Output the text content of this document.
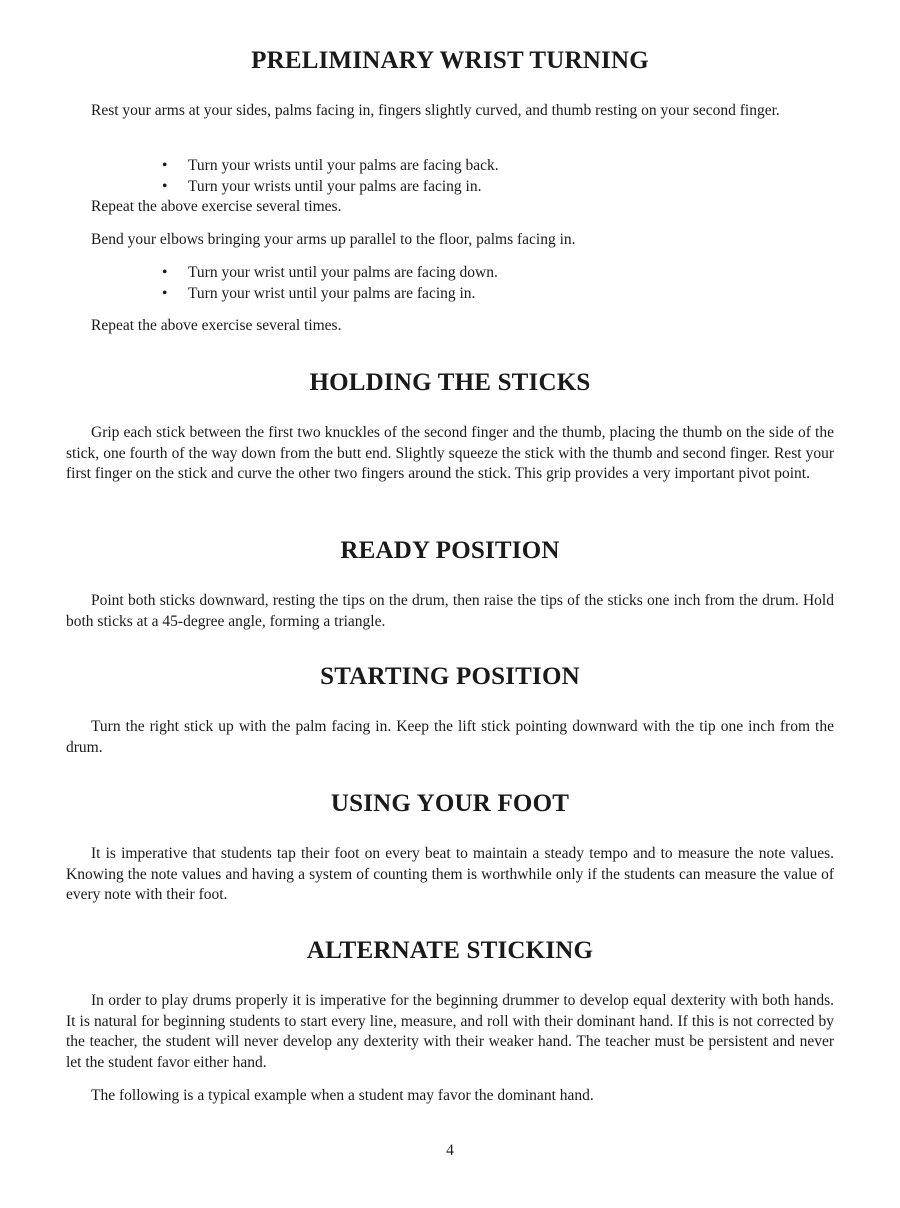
PRELIMINARY WRIST TURNING

Rest your arms at your sides, palms facing in, fingers slightly curved, and thumb resting on your second finger.

• Turn your wrists until your palms are facing back.
• Turn your wrists until your palms are facing in.

Repeat the above exercise several times.

Bend your elbows bringing your arms up parallel to the floor, palms facing in.

• Turn your wrist until your palms are facing down.
• Turn your wrist until your palms are facing in.

Repeat the above exercise several times.

HOLDING THE STICKS

Grip each stick between the first two knuckles of the second finger and the thumb, placing the thumb on the side of the stick, one fourth of the way down from the butt end. Slightly squeeze the stick with the thumb and second finger. Rest your first finger on the stick and curve the other two fingers around the stick. This grip provides a very important pivot point.

READY POSITION

Point both sticks downward, resting the tips on the drum, then raise the tips of the sticks one inch from the drum. Hold both sticks at a 45-degree angle, forming a triangle.

STARTING POSITION

Turn the right stick up with the palm facing in. Keep the lift stick pointing downward with the tip one inch from the drum.

USING YOUR FOOT

It is imperative that students tap their foot on every beat to maintain a steady tempo and to measure the note values. Knowing the note values and having a system of counting them is worthwhile only if the students can measure the value of every note with their foot.

ALTERNATE STICKING

In order to play drums properly it is imperative for the beginning drummer to develop equal dexterity with both hands. It is natural for beginning students to start every line, measure, and roll with their dominant hand. If this is not corrected by the teacher, the student will never develop any dexterity with their weaker hand. The teacher must be persistent and never let the student favor either hand.

The following is a typical example when a student may favor the dominant hand.

4
